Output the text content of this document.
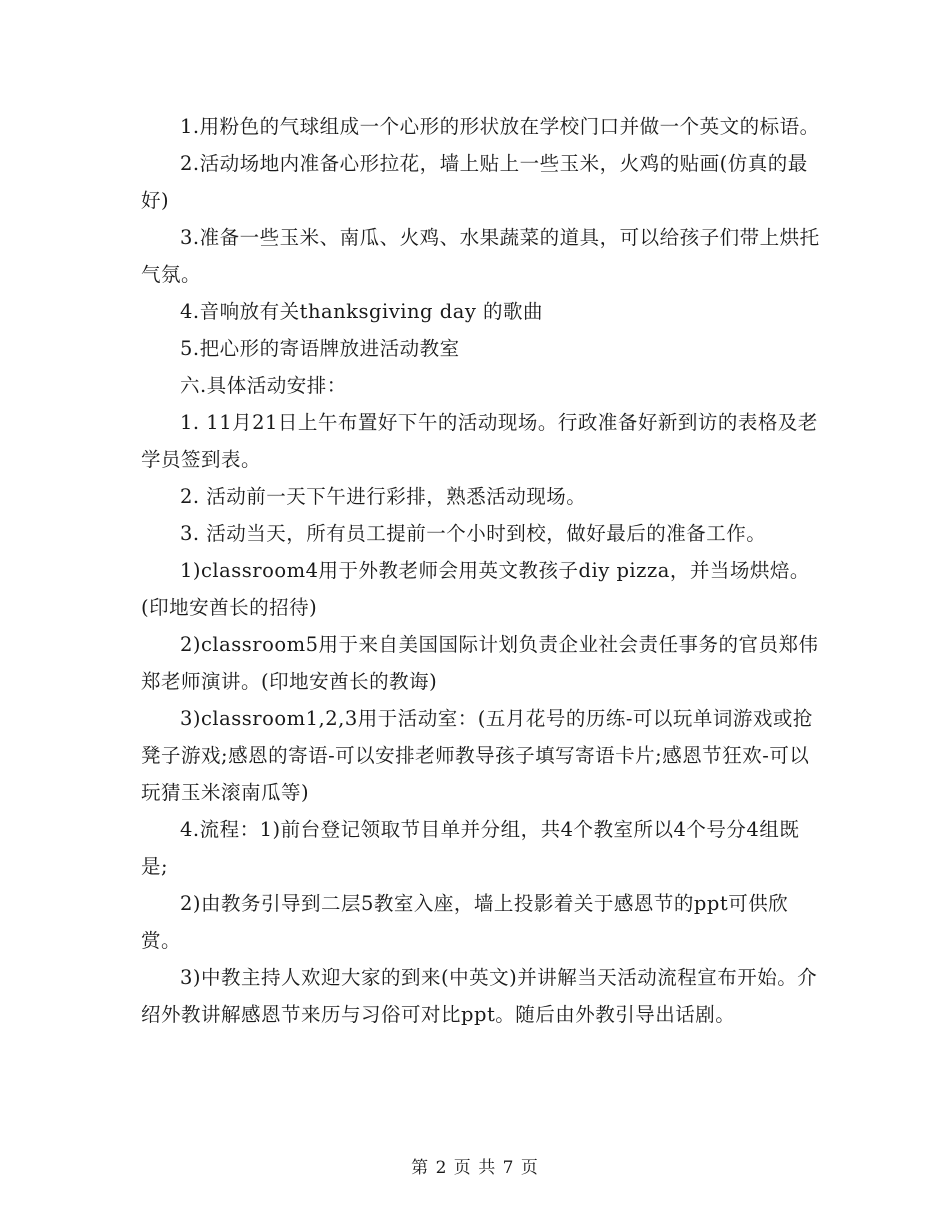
1.用粉色的气球组成一个心形的形状放在学校门口并做一个英文的标语。

2.活动场地内准备心形拉花，墙上贴上一些玉米，火鸡的贴画(仿真的最好)

3.准备一些玉米、南瓜、火鸡、水果蔬菜的道具，可以给孩子们带上烘托气氛。

4.音响放有关thanksgiving day 的歌曲

5.把心形的寄语牌放进活动教室

六.具体活动安排：

1. 11月21日上午布置好下午的活动现场。行政准备好新到访的表格及老学员签到表。

2. 活动前一天下午进行彩排，熟悉活动现场。

3. 活动当天，所有员工提前一个小时到校，做好最后的准备工作。

1)classroom4用于外教老师会用英文教孩子diy pizza，并当场烘焙。(印地安酋长的招待)

2)classroom5用于来自美国国际计划负责企业社会责任事务的官员郑伟郑老师演讲。(印地安酋长的教诲)

3)classroom1,2,3用于活动室：(五月花号的历练-可以玩单词游戏或抢凳子游戏;感恩的寄语-可以安排老师教导孩子填写寄语卡片;感恩节狂欢-可以玩猜玉米滚南瓜等)

4.流程：1)前台登记领取节目单并分组，共4个教室所以4个号分4组既是;

2)由教务引导到二层5教室入座，墙上投影着关于感恩节的ppt可供欣赏。

3)中教主持人欢迎大家的到来(中英文)并讲解当天活动流程宣布开始。介绍外教讲解感恩节来历与习俗可对比ppt。随后由外教引导出话剧。

第 2 页 共 7 页
